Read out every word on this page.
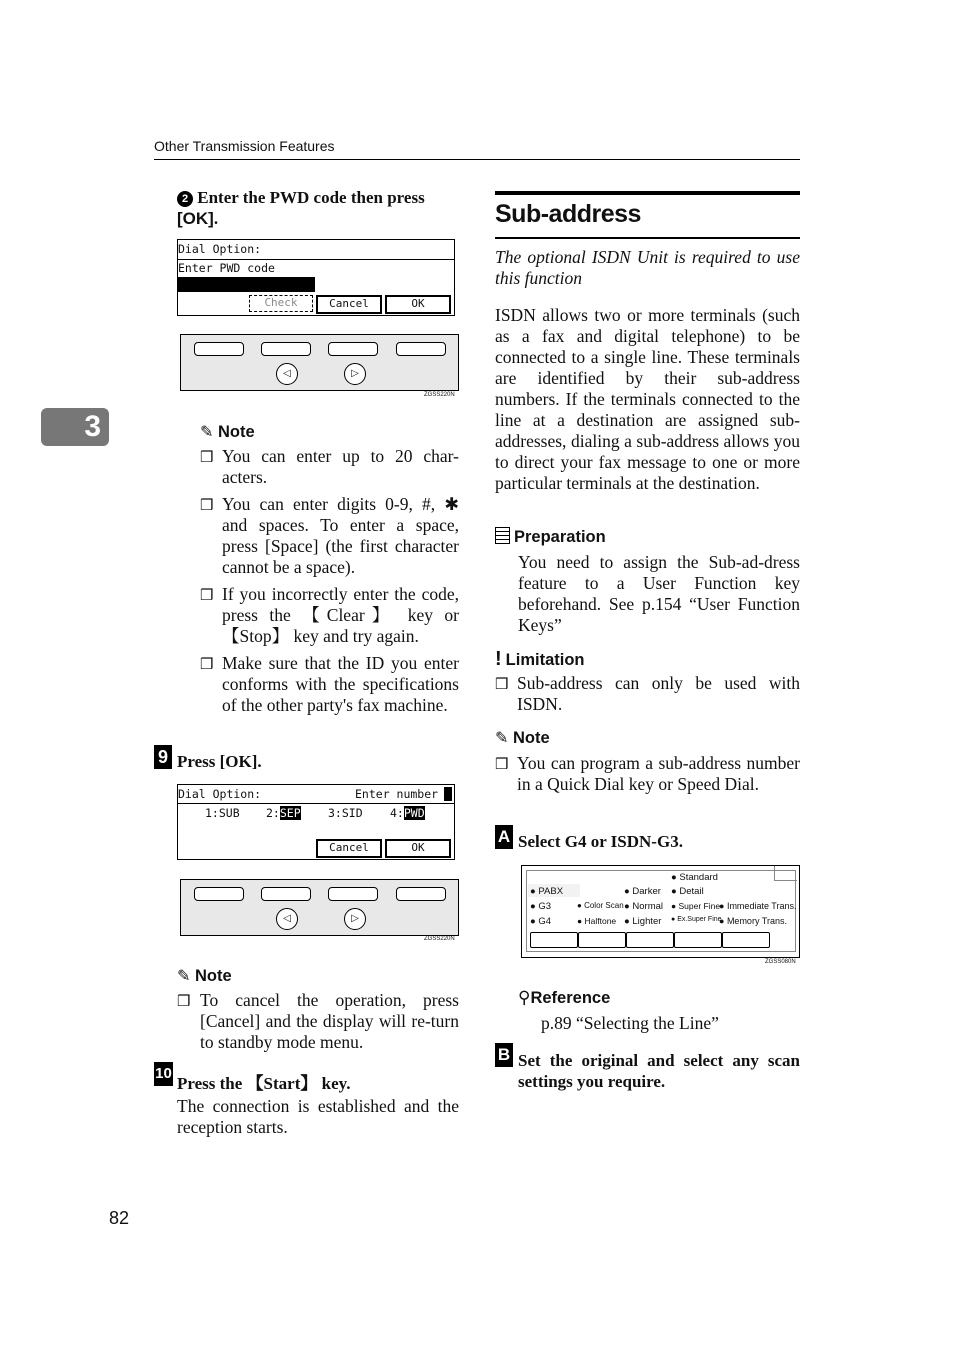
Other Transmission Features
3
2 Enter the PWD code then press [OK].
Dial Option:
Enter PWD code
Check	Cancel	OK
◁	▷
ZGSS220N
✎ Note
❒ You can enter up to 20 char-acters.
❒ You can enter digits 0-9, #, ✱ and spaces. To enter a space, press [Space] (the first character cannot be a space).
❒ If you incorrectly enter the code, press the 【Clear】 key or 【Stop】 key and try again.
❒ Make sure that the ID you enter conforms with the specifications of the other party's fax machine.
9 Press [OK].
Dial Option:	Enter number
1:SUB 2:SEP 3:SID 4:PWD
Cancel	OK
◁	▷
ZGSS220N
✎ Note
❒ To cancel the operation, press [Cancel] and the display will re-turn to standby mode menu.
10
Press the 【Start】 key.
The connection is established and the reception starts.
Sub-address
The optional ISDN Unit is required to use this function
ISDN allows two or more terminals (such as a fax and digital telephone) to be connected to a single line. These terminals are identified by their sub-address numbers. If the terminals connected to the line at a destination are assigned sub-addresses, dialing a sub-address allows you to direct your fax message to one or more particular terminals at the destination.
Preparation
You need to assign the Sub-ad-dress feature to a User Function key beforehand. See p.154 “User Function Keys”
! Limitation
❒ Sub-address can only be used with ISDN.
✎ Note
❒ You can program a sub-address number in a Quick Dial key or Speed Dial.
A Select G4 or ISDN-G3.
● PABX
● G3
● G4
● Color Scan
● Halftone
● Darker
● Normal
● Lighter
● Standard
● Detail
● Super Fine
● Ex.Super Fine
● Immediate Trans.
● Memory Trans.
ZGSS080N
⚲Reference
p.89 “Selecting the Line”
B Set the original and select any scan settings you require.
82
